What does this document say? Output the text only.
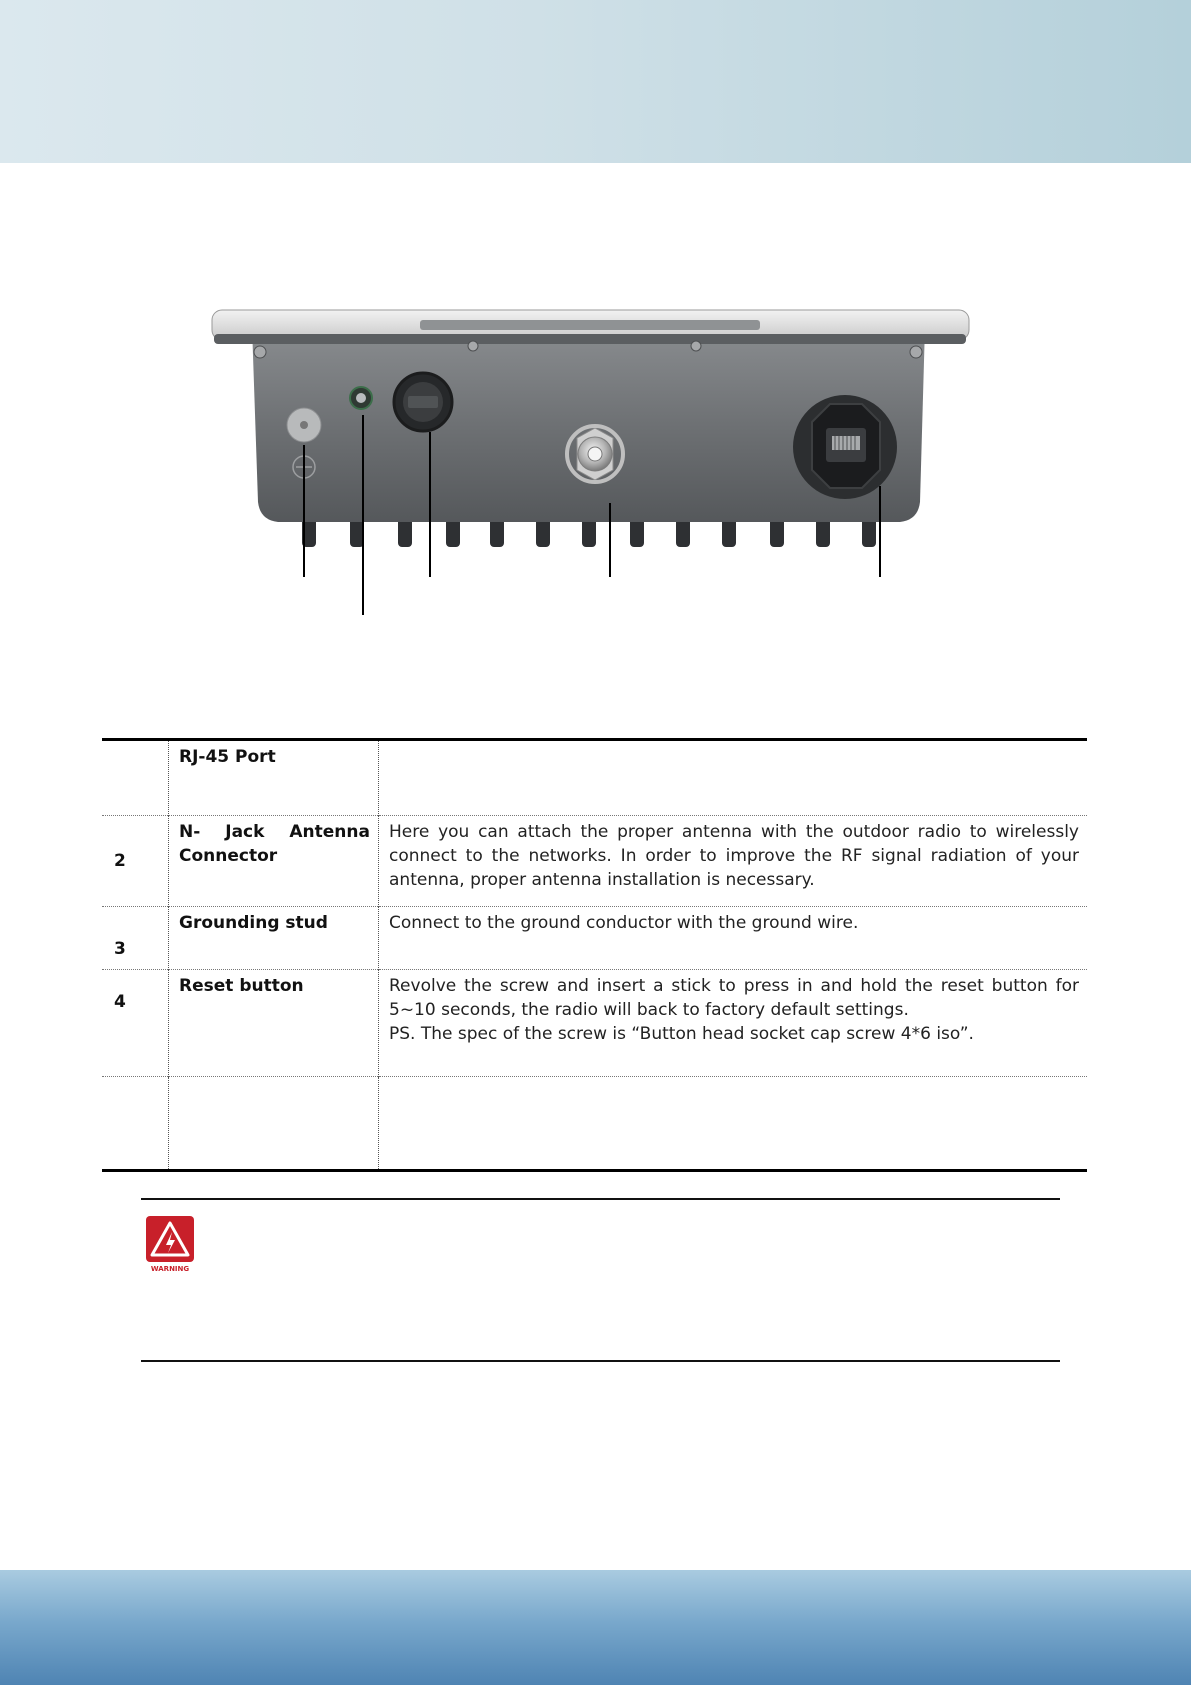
	RJ-45 Port	
2	N- Jack Antenna Connector	Here you can attach the proper antenna with the outdoor radio to wirelessly connect to the networks. In order to improve the RF signal radiation of your antenna, proper antenna installation is necessary.
3	Grounding stud	Connect to the ground conductor with the ground wire.
4	Reset button	Revolve the screw and insert a stick to press in and hold the reset button for 5~10 seconds, the radio will back to factory default settings.
PS. The spec of the screw is “Button head socket cap screw 4*6 iso”.

WARNING
